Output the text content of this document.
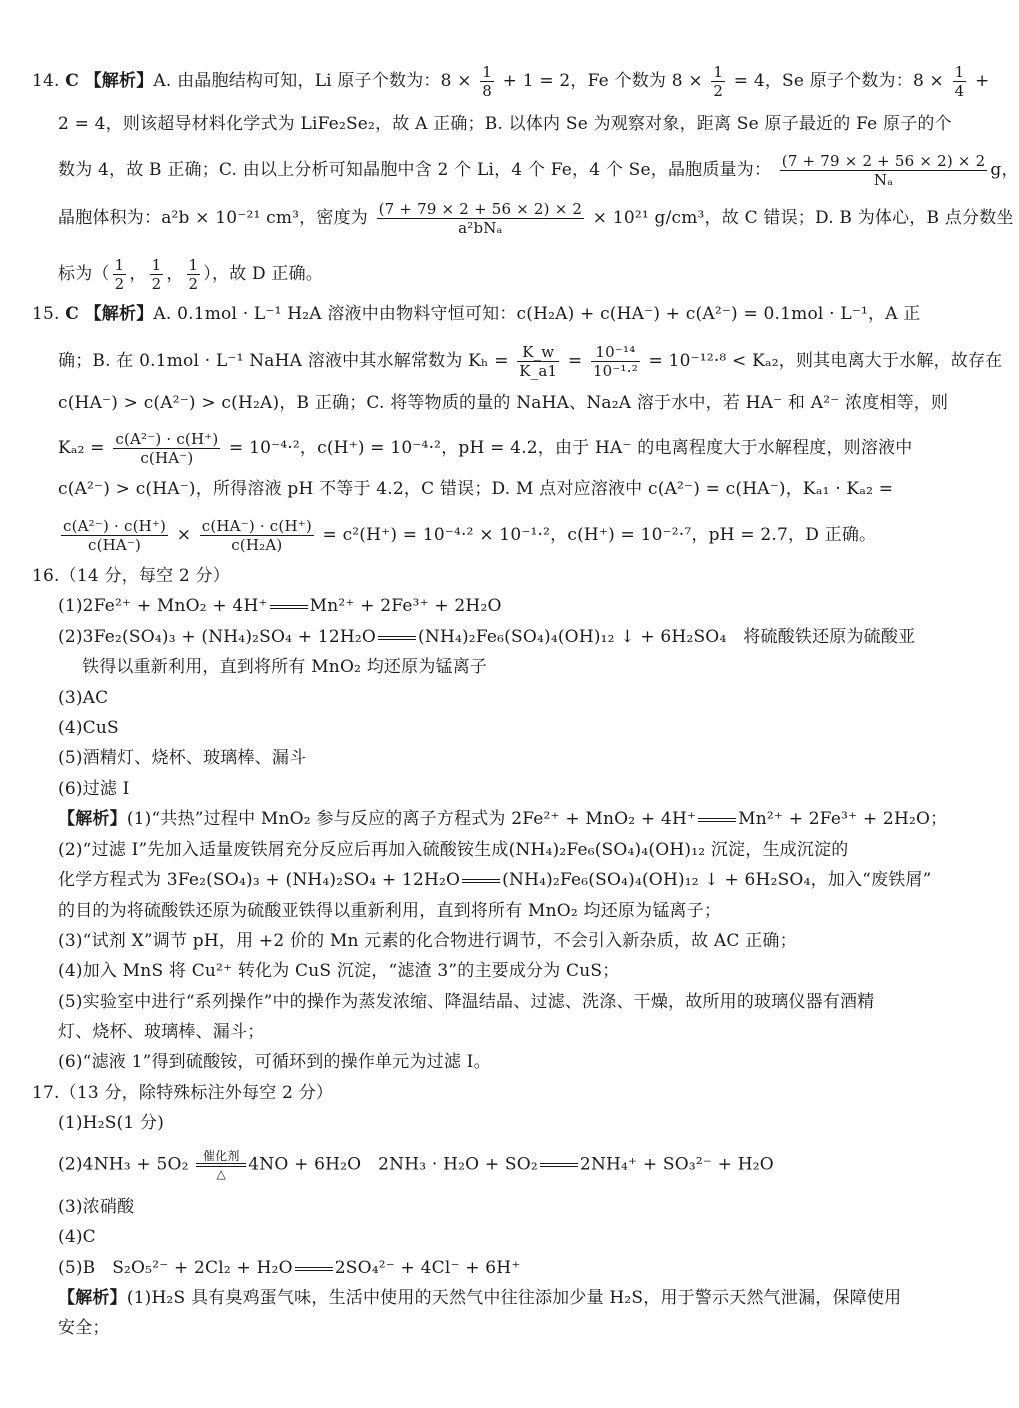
14. C 【解析】A. 由晶胞结构可知，Li 原子个数为：$8 \times \frac{1}{8} + 1 = 2$，Fe 个数为 $8 \times \frac{1}{2} = 4$，Se 原子个数为：$8 \times \frac{1}{4}$ +
2 = 4，则该超导材料化学式为 LiFe₂Se₂，故 A 正确；B. 以体内 Se 为观察对象，距离 Se 原子最近的 Fe 原子的个
数为 4，故 B 正确；C. 由以上分析可知晶胞中含 2 个 Li，4 个 Fe，4 个 Se，晶胞质量为： $\frac{(7 + 79 \times 2 + 56 \times 2) \times 2}{\text{Nₐ}}$ g，
晶胞体积为：a²b × 10⁻²¹ cm³，密度为 $\frac{(7 + 79 \times 2 + 56 \times 2) \times 2}{\text{a²bNₐ}} \times 10^{21}$ g/cm³，故 C 错误；D. B 为体心，B 点分数坐
标为（ $\frac{1}{2}$ ， $\frac{1}{2}$ ， $\frac{1}{2}$ ），故 D 正确。
15. C 【解析】A. 0.1mol · L⁻¹ H₂A 溶液中由物料守恒可知：c(H₂A) + c(HA⁻) + c(A²⁻) = 0.1mol · L⁻¹，A 正
确；B. 在 0.1mol · L⁻¹ NaHA 溶液中其水解常数为 $K_h = \frac{K\_w}{K\_a1} = \frac{\text{10⁻¹⁴}}{\text{10⁻¹·²}} = 10^{-12}\cdot^8 < K_{a2}$，则其电离大于水解，故存在
c(HA⁻) > c(A²⁻) > c(H₂A)，B 正确；C. 将等物质的量的 NaHA、Na₂A 溶于水中，若 HA⁻ 和 A²⁻ 浓度相等，则
$K_{a2} = \frac{\text{c(A²⁻) · c(H⁺)}}{c(HA^-)} = 10^{-4}\cdot^2$，c(H⁺) = 10⁻⁴·²，pH = 4.2，由于 HA⁻ 的电离程度大于水解程度，则溶液中
c(A²⁻) > c(HA⁻)，所得溶液 pH 不等于 4.2，C 错误；D. M 点对应溶液中 c(A²⁻) = c(HA⁻)，Kₐ₁ · Kₐ₂ =
$\frac{\text{c(A²⁻) · c(H⁺)}}{c(HA^-)} \times \frac{c(HA^-) \cdot c(H^+)}{\text{c(H₂A)}} = c^2(H^+) = 10^{-4}\cdot^2 \times 10^{-1}\cdot^2$，c(H⁺) = 10⁻²·⁷，pH = 2.7，D 正确。
16.（14 分，每空 2 分）
(1)2Fe²⁺ + MnO₂ + 4H⁺ Mn²⁺ + 2Fe³⁺ + 2H₂O
(2)3Fe₂(SO₄)₃ + (NH₄)₂SO₄ + 12H₂O (NH₄)₂Fe₆(SO₄)₄(OH)₁₂ ↓ + 6H₂SO₄ 将硫酸铁还原为硫酸亚
铁得以重新利用，直到将所有 MnO₂ 均还原为锰离子
(3)AC
(4)CuS
(5)酒精灯、烧杯、玻璃棒、漏斗
(6)过滤 Ⅰ
【解析】(1)“共热”过程中 MnO₂ 参与反应的离子方程式为 2Fe²⁺ + MnO₂ + 4H⁺ Mn²⁺ + 2Fe³⁺ + 2H₂O；
(2)“过滤 Ⅰ”先加入适量废铁屑充分反应后再加入硫酸铵生成(NH₄)₂Fe₆(SO₄)₄(OH)₁₂ 沉淀，生成沉淀的
化学方程式为 3Fe₂(SO₄)₃ + (NH₄)₂SO₄ + 12H₂O (NH₄)₂Fe₆(SO₄)₄(OH)₁₂ ↓ + 6H₂SO₄，加入“废铁屑”
的目的为将硫酸铁还原为硫酸亚铁得以重新利用，直到将所有 MnO₂ 均还原为锰离子；
(3)“试剂 X”调节 pH，用 +2 价的 Mn 元素的化合物进行调节，不会引入新杂质，故 AC 正确；
(4)加入 MnS 将 Cu²⁺ 转化为 CuS 沉淀，“滤渣 3”的主要成分为 CuS；
(5)实验室中进行“系列操作”中的操作为蒸发浓缩、降温结晶、过滤、洗涤、干燥，故所用的玻璃仪器有酒精
灯、烧杯、玻璃棒、漏斗；
(6)“滤液 1”得到硫酸铵，可循环到的操作单元为过滤 Ⅰ。
17.（13 分，除特殊标注外每空 2 分）
(1)H₂S(1 分)
(2)4NH₃ + 5O₂	催化剂
△	4NO + 6H₂O 2NH₃ · H₂O + SO₂ 2NH₄⁺ + SO₃²⁻ + H₂O
(3)浓硝酸
(4)C
(5)B S₂O₅²⁻ + 2Cl₂ + H₂O 2SO₄²⁻ + 4Cl⁻ + 6H⁺
【解析】(1)H₂S 具有臭鸡蛋气味，生活中使用的天然气中往往添加少量 H₂S，用于警示天然气泄漏，保障使用
安全；
